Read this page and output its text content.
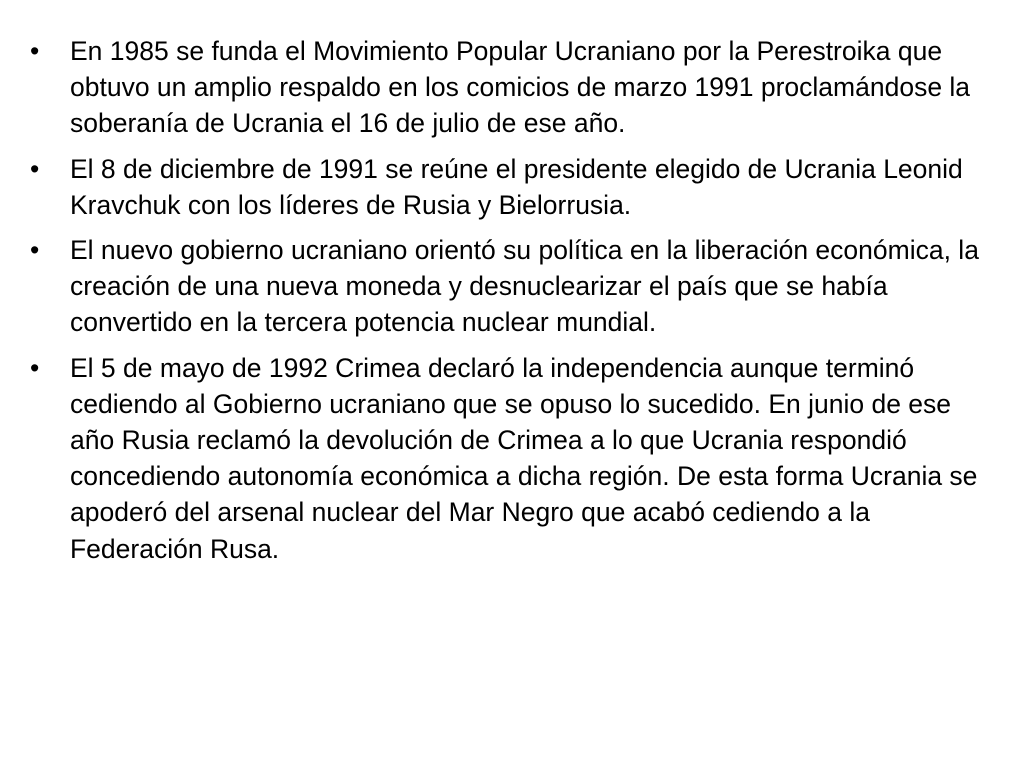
•	En 1985 se funda el Movimiento Popular Ucraniano por la Perestroika que obtuvo un amplio respaldo en los comicios de marzo 1991 proclamándose la soberanía de Ucrania el 16 de julio de ese año.
•	El 8 de diciembre de 1991 se reúne el presidente elegido de Ucrania Leonid Kravchuk con los líderes de Rusia y Bielorrusia.
•	El nuevo gobierno ucraniano orientó su política en la liberación económica, la creación de una nueva moneda y desnuclearizar el país que se había convertido en la tercera potencia nuclear mundial.
•	El 5 de mayo de 1992 Crimea declaró la independencia aunque terminó cediendo al Gobierno ucraniano que se opuso lo sucedido. En junio de ese año Rusia reclamó la devolución de Crimea a lo que Ucrania respondió concediendo autonomía económica a dicha región. De esta forma Ucrania se apoderó del arsenal nuclear del Mar Negro que acabó cediendo a la Federación Rusa.
